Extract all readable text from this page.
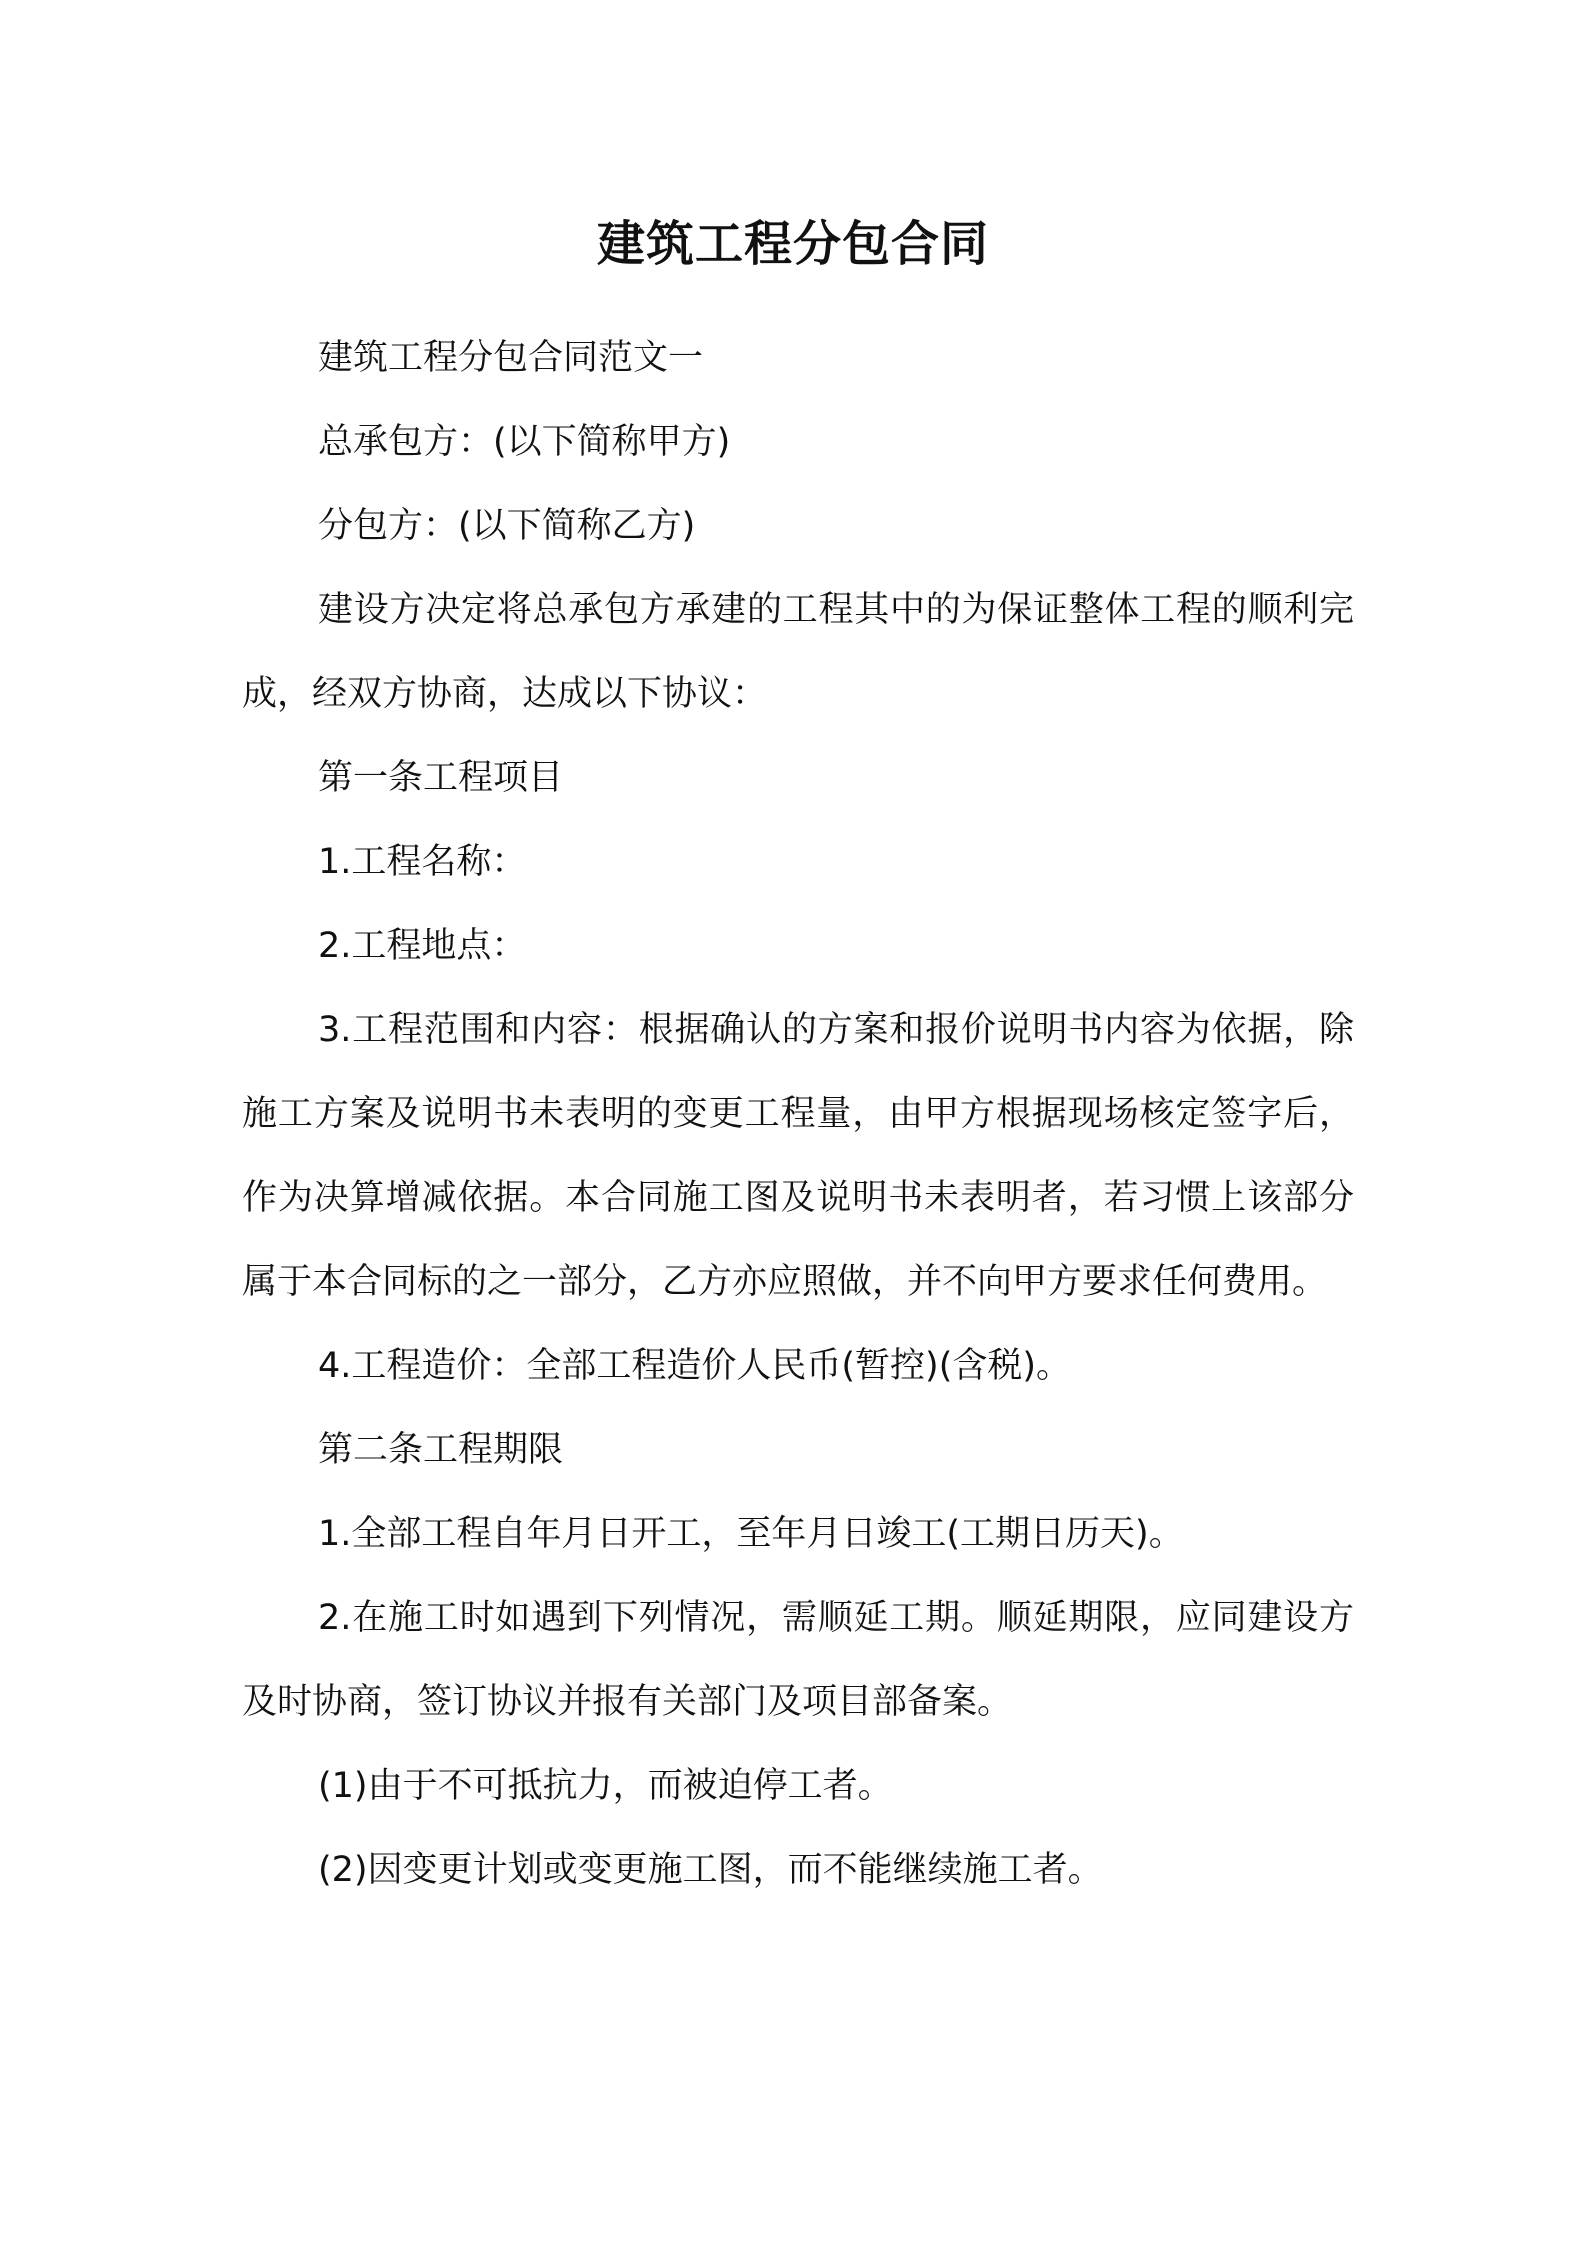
建筑工程分包合同

建筑工程分包合同范文一

总承包方：(以下简称甲方)

分包方：(以下简称乙方)

建设方决定将总承包方承建的工程其中的为保证整体工程的顺利完成，经双方协商，达成以下协议：

第一条工程项目

1.工程名称：

2.工程地点：

3.工程范围和内容：根据确认的方案和报价说明书内容为依据，除施工方案及说明书未表明的变更工程量，由甲方根据现场核定签字后，作为决算增减依据。本合同施工图及说明书未表明者，若习惯上该部分属于本合同标的之一部分，乙方亦应照做，并不向甲方要求任何费用。

4.工程造价：全部工程造价人民币(暂控)(含税)。

第二条工程期限

1.全部工程自年月日开工，至年月日竣工(工期日历天)。

2.在施工时如遇到下列情况，需顺延工期。顺延期限，应同建设方及时协商，签订协议并报有关部门及项目部备案。

(1)由于不可抵抗力，而被迫停工者。

(2)因变更计划或变更施工图，而不能继续施工者。
